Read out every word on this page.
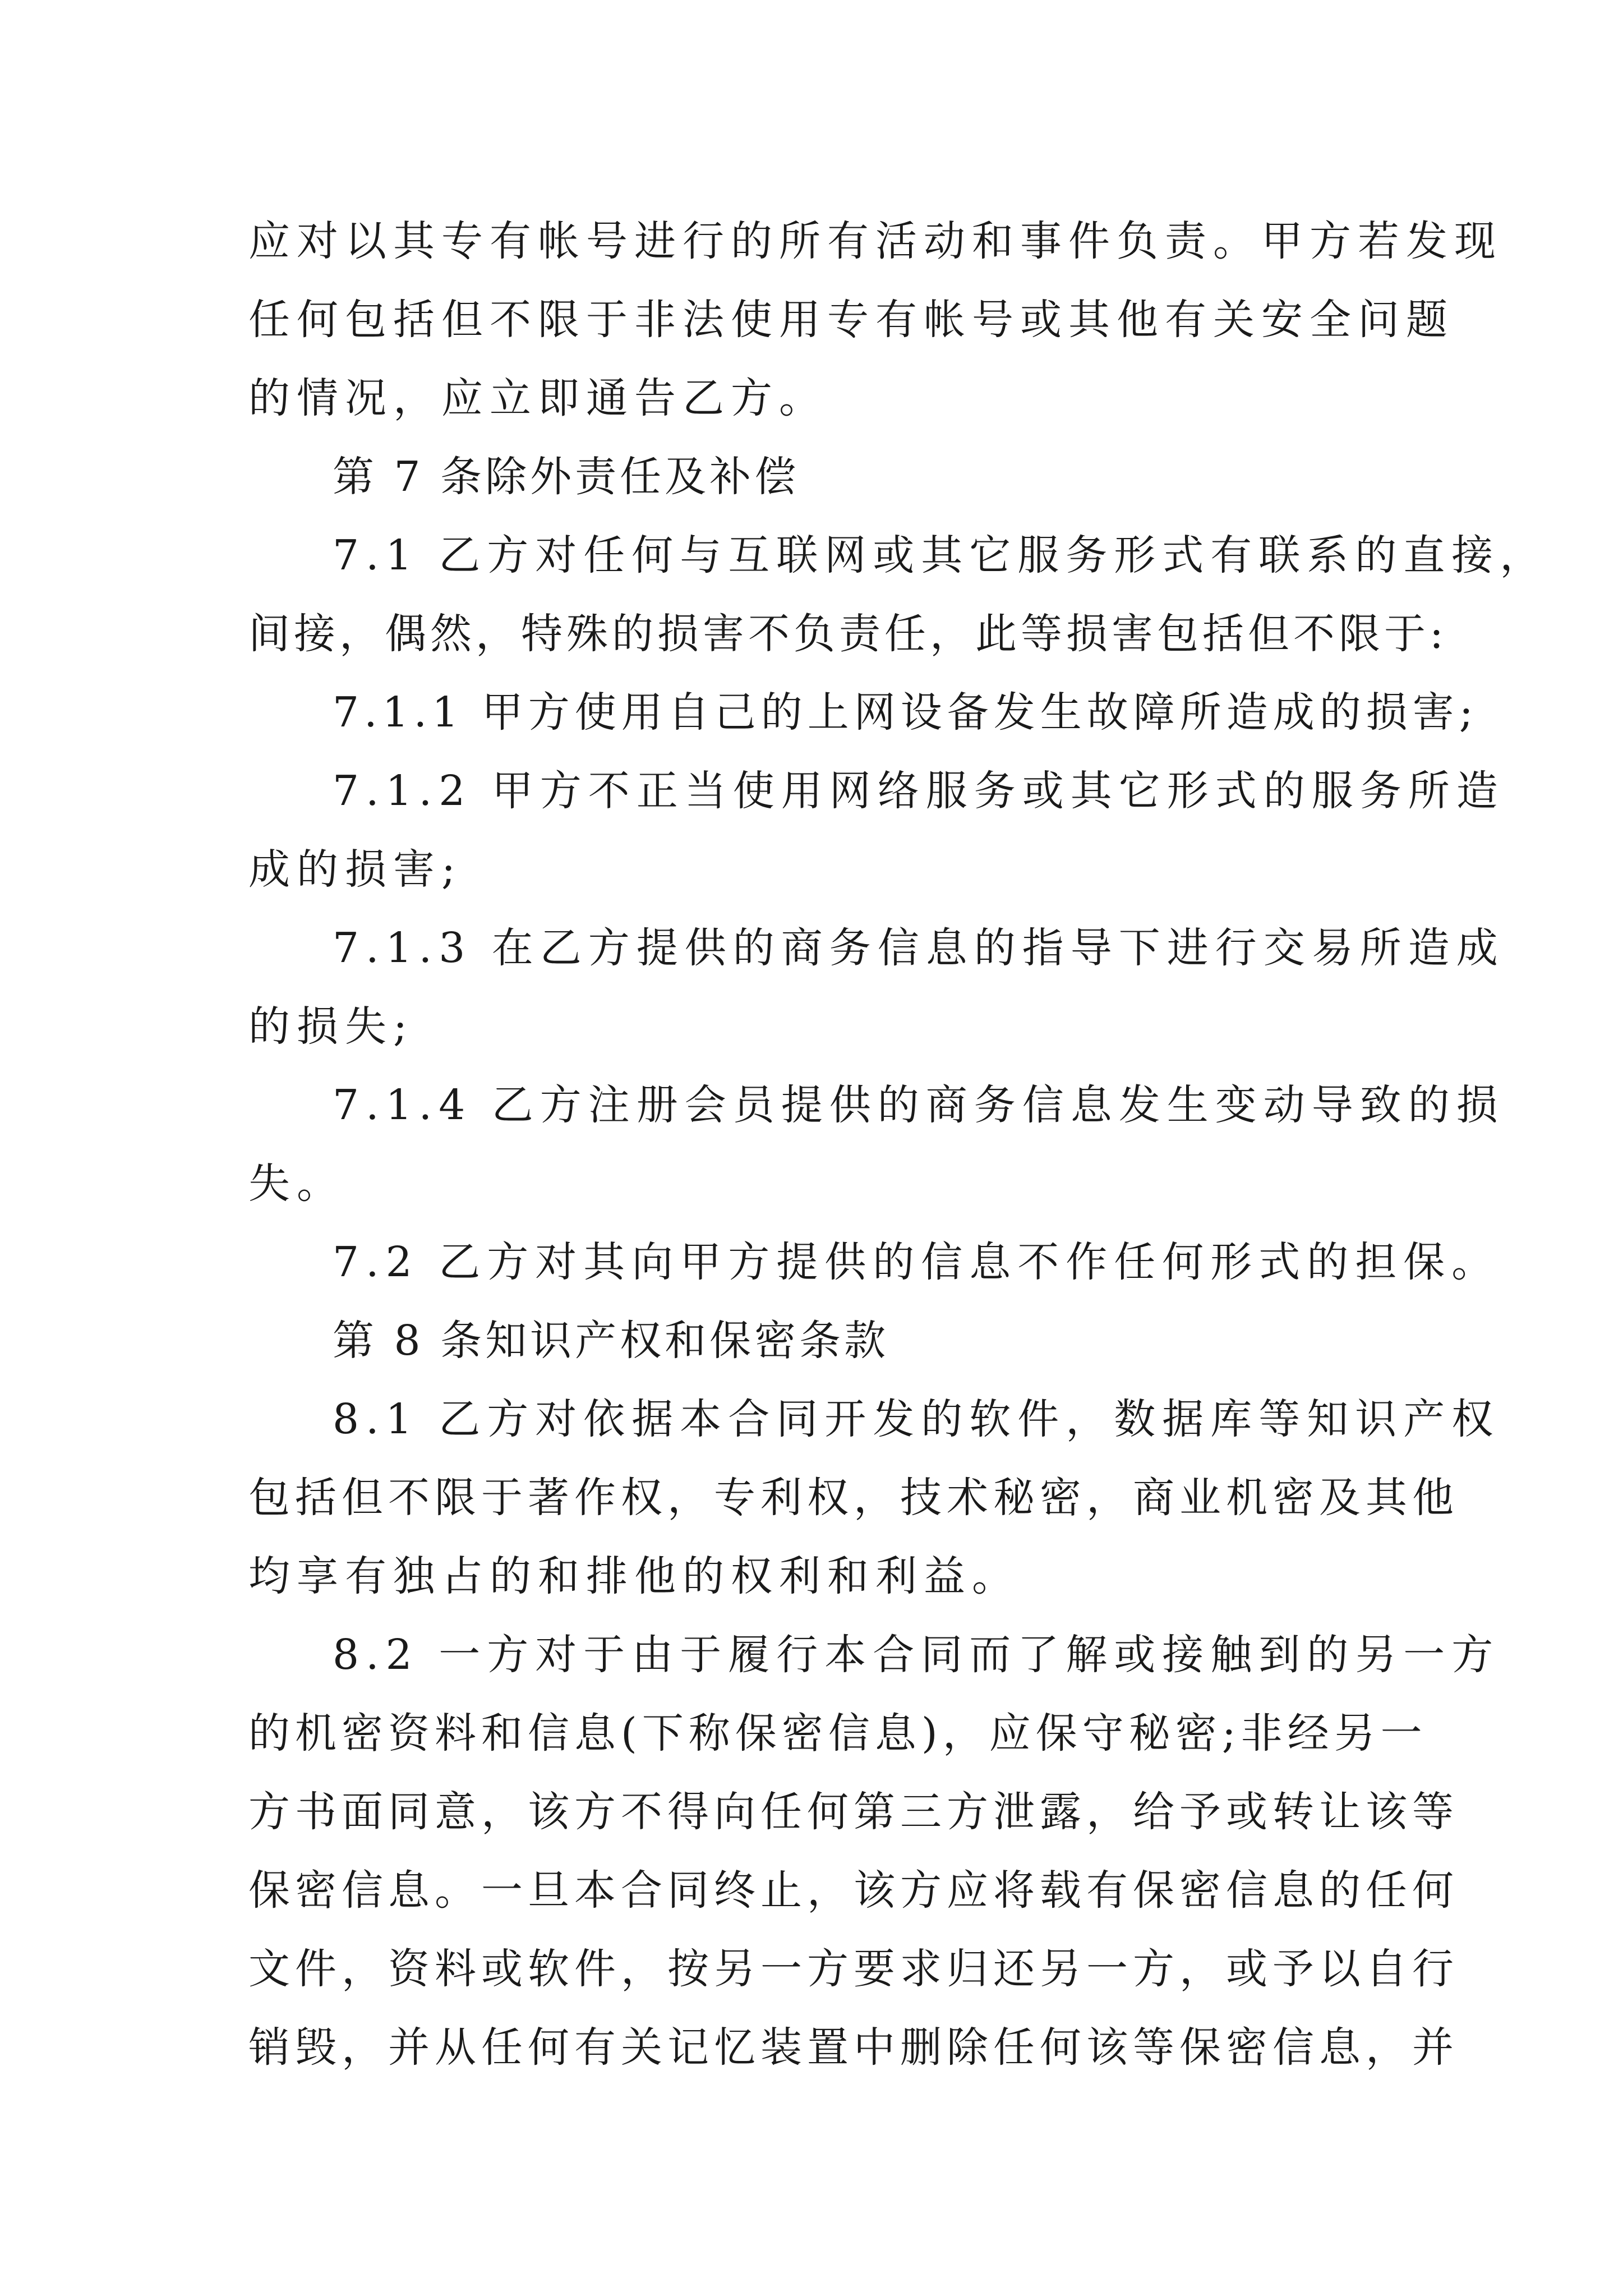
应对以其专有帐号进行的所有活动和事件负责。甲方若发现
任何包括但不限于非法使用专有帐号或其他有关安全问题
的情况，应立即通告乙方。
第 7 条除外责任及补偿
7.1 乙方对任何与互联网或其它服务形式有联系的直接，
间接，偶然，特殊的损害不负责任，此等损害包括但不限于:
7.1.1 甲方使用自己的上网设备发生故障所造成的损害;
7.1.2 甲方不正当使用网络服务或其它形式的服务所造
成的损害;
7.1.3 在乙方提供的商务信息的指导下进行交易所造成
的损失;
7.1.4 乙方注册会员提供的商务信息发生变动导致的损
失。
7.2 乙方对其向甲方提供的信息不作任何形式的担保。
第 8 条知识产权和保密条款
8.1 乙方对依据本合同开发的软件，数据库等知识产权
包括但不限于著作权，专利权，技术秘密，商业机密及其他
均享有独占的和排他的权利和利益。
8.2 一方对于由于履行本合同而了解或接触到的另一方
的机密资料和信息(下称保密信息)，应保守秘密;非经另一
方书面同意，该方不得向任何第三方泄露，给予或转让该等
保密信息。一旦本合同终止，该方应将载有保密信息的任何
文件，资料或软件，按另一方要求归还另一方，或予以自行
销毁，并从任何有关记忆装置中删除任何该等保密信息，并
